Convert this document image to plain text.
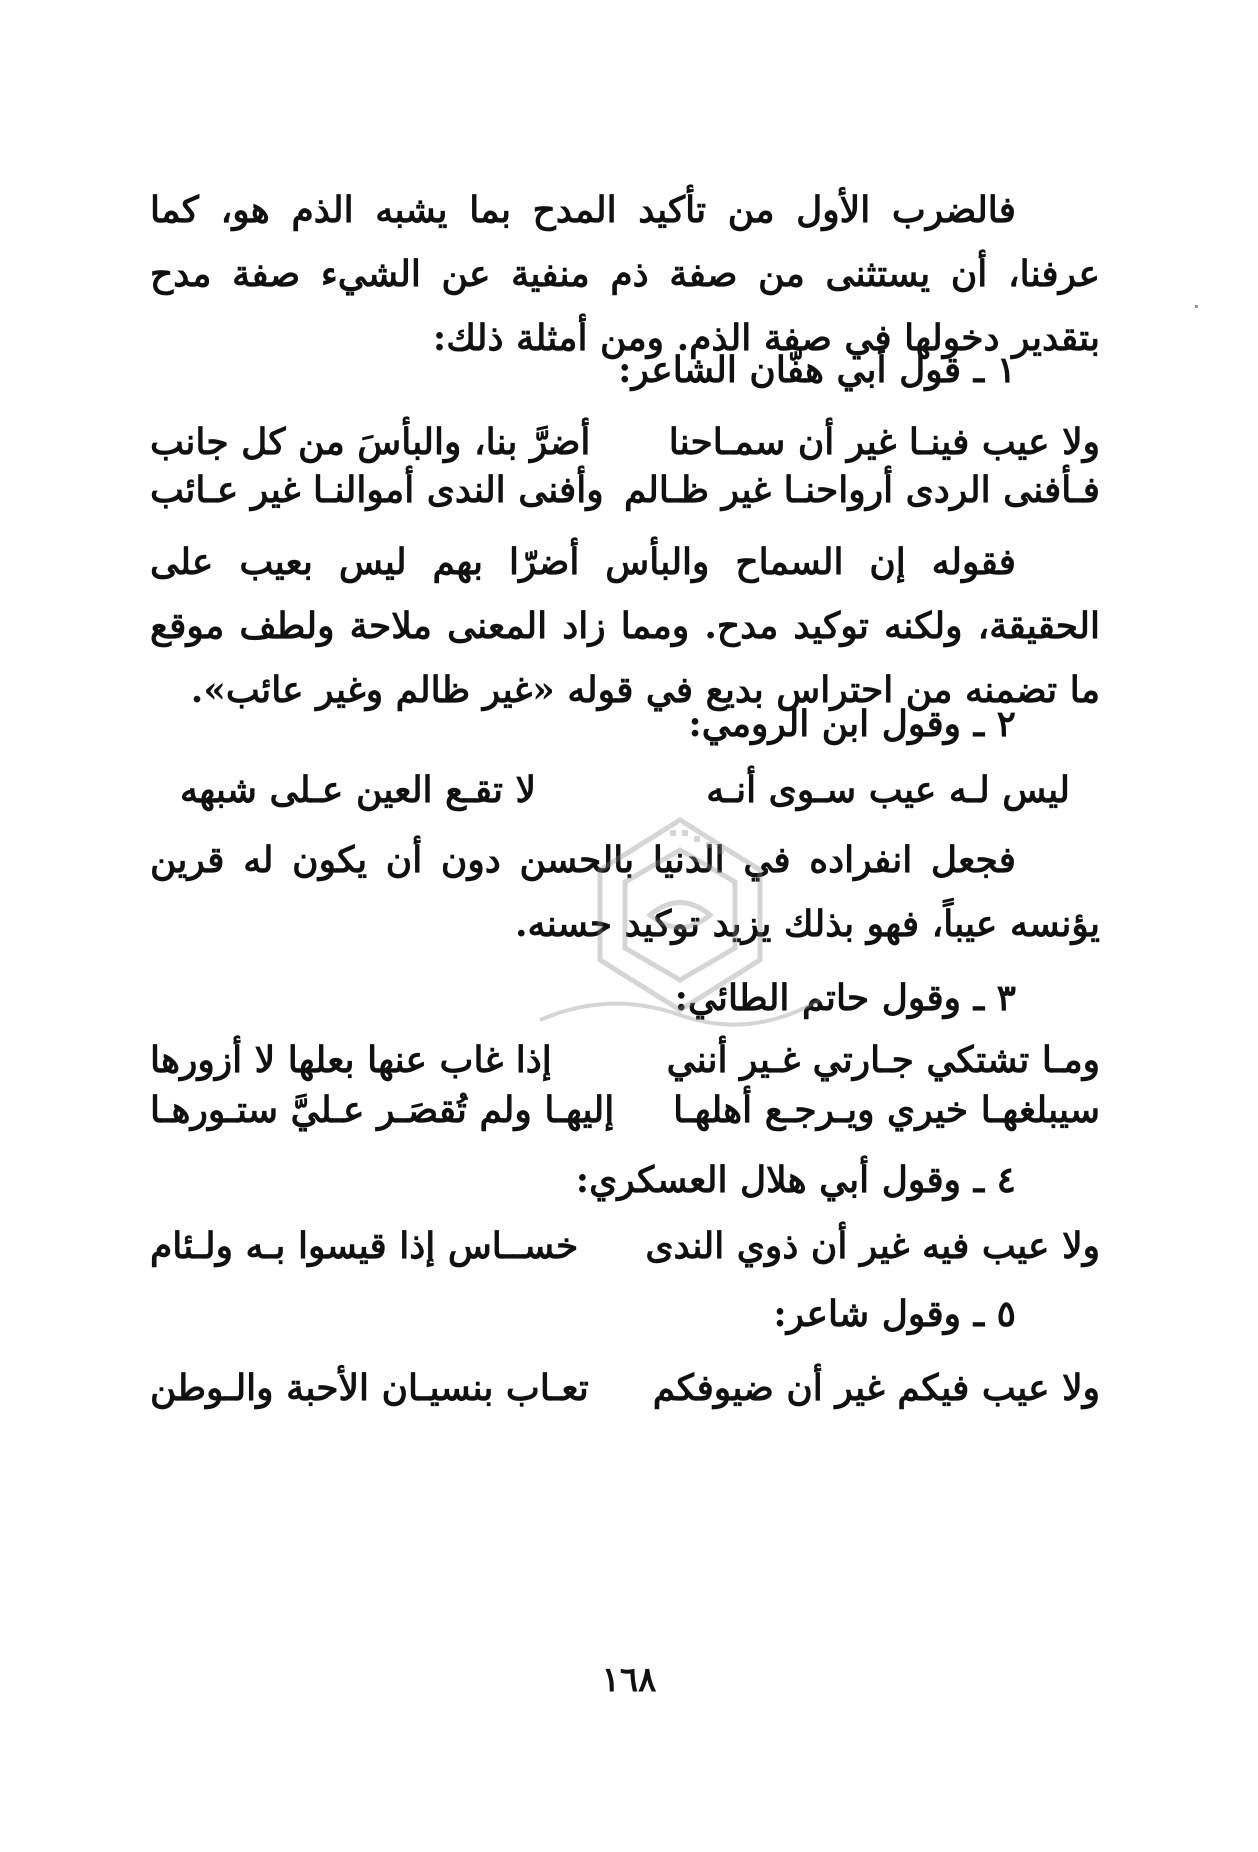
فالضرب الأول من تأكيد المدح بما يشبه الذم هو، كما عرفنا، أن يستثنى من صفة ذم منفية عن الشيء صفة مدح بتقدير دخولها في صفة الذم. ومن أمثلة ذلك:

١ ـ قول أبي هفّان الشاعر:

ولا عيب فينـا غير أن سمـاحنا
أضرَّ بنا، والبأسَ من كل جانب
فـأفنى الردى أرواحنـا غير ظـالم
وأفنى الندى أموالنـا غير عـائب

فقوله إن السماح والبأس أضرّا بهم ليس بعيب على الحقيقة، ولكنه توكيد مدح. ومما زاد المعنى ملاحة ولطف موقع ما تضمنه من احتراس بديع في قوله «غير ظالم وغير عائب».

٢ ـ وقول ابن الرومي:

ليس لـه عيب سـوى أنـه
لا تقـع العين عـلى شبهه

فجعل انفراده في الدنيا بالحسن دون أن يكون له قرين يؤنسه عيباً، فهو بذلك يزيد توكيد حسنه.

٣ ـ وقول حاتم الطائي:

ومـا تشتكي جـارتي غـير أنني
إذا غاب عنها بعلها لا أزورها
سيبلغهـا خيري ويـرجـع أهلهـا
إليهـا ولم تُقصَـر عـليَّ ستـورهـا

٤ ـ وقول أبي هلال العسكري:

ولا عيب فيه غير أن ذوي الندى
خســاس إذا قيسوا بـه ولـئام

٥ ـ وقول شاعر:

ولا عيب فيكم غير أن ضيوفكم
تعـاب بنسيـان الأحبة والـوطن
١٦٨
